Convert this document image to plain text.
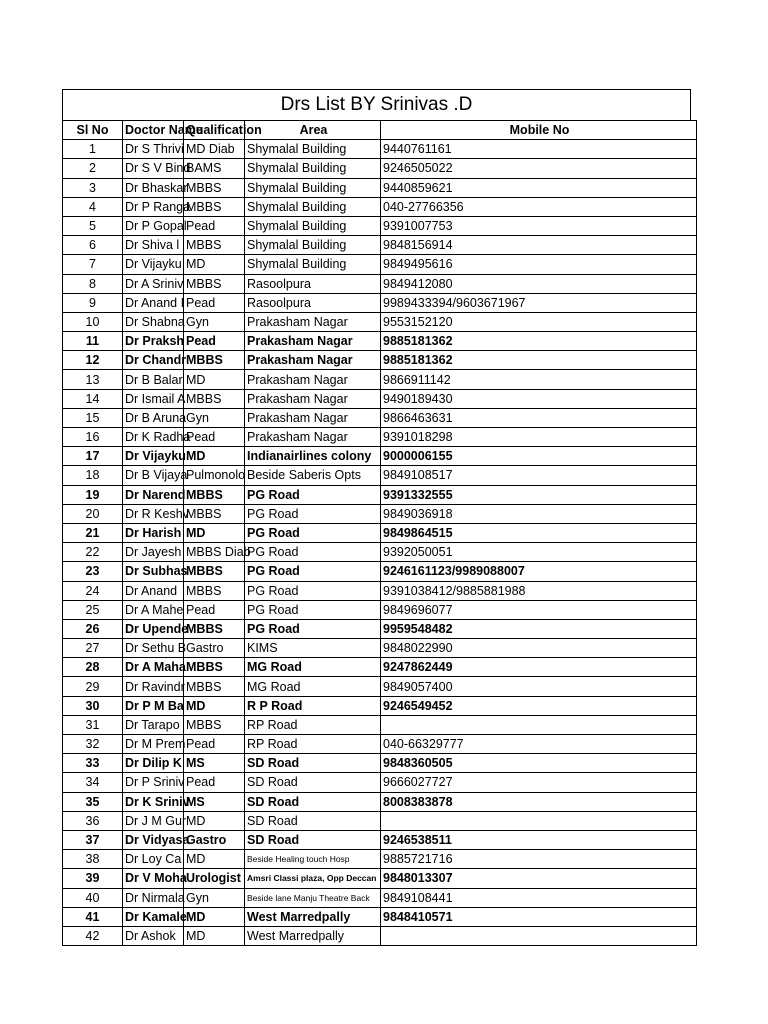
Drs List BY Srinivas .D
Sl No	Doctor Name	Qualification	Area	Mobile No
1	Dr S Thrivi	MD Diab	Shymalal Building	9440761161
2	Dr S V Bind	BAMS	Shymalal Building	9246505022
3	Dr Bhaskar	MBBS	Shymalal Building	9440859621
4	Dr P Ranga	MBBS	Shymalal Building	040-27766356
5	Dr P Gopal	Pead	Shymalal Building	9391007753
6	Dr Shiva l	MBBS	Shymalal Building	9848156914
7	Dr Vijayku	MD	Shymalal Building	9849495616
8	Dr A Sriniv	MBBS	Rasoolpura	9849412080
9	Dr Anand I	Pead	Rasoolpura	9989433394/9603671967
10	Dr Shabna	Gyn	Prakasham Nagar	9553152120
11	Dr Praksh	Pead	Prakasham Nagar	9885181362
12	Dr Chandr	MBBS	Prakasham Nagar	9885181362
13	Dr B Balar	MD	Prakasham Nagar	9866911142
14	Dr Ismail A	MBBS	Prakasham Nagar	9490189430
15	Dr B Aruna	Gyn	Prakasham Nagar	9866463631
16	Dr K Radha	Pead	Prakasham Nagar	9391018298
17	Dr Vijayku	MD	Indianairlines colony	9000006155
18	Dr B Vijaya	Pulmonolo	Beside Saberis Opts	9849108517
19	Dr Narend	MBBS	PG Road	9391332555
20	Dr R Keshv	MBBS	PG Road	9849036918
21	Dr Harish	MD	PG Road	9849864515
22	Dr Jayesh	MBBS Diab	PG Road	9392050051
23	Dr Subhas	MBBS	PG Road	9246161123/9989088007
24	Dr Anand	MBBS	PG Road	9391038412/9885881988
25	Dr A Mahe	Pead	PG Road	9849696077
26	Dr Upende	MBBS	PG Road	9959548482
27	Dr Sethu B	Gastro	KIMS	9848022990
28	Dr A Maha	MBBS	MG Road	9247862449
29	Dr Ravindr	MBBS	MG Road	9849057400
30	Dr P M Ba	MD	R P Road	9246549452
31	Dr Tarapo	MBBS	RP Road	
32	Dr M Prem	Pead	RP Road	040-66329777
33	Dr Dilip K	MS	SD Road	9848360505
34	Dr P Sriniv	Pead	SD Road	9666027727
35	Dr K Sriniv	MS	SD Road	8008383878
36	Dr J M Gur	MD	SD Road	
37	Dr Vidyasa	Gastro	SD Road	9246538511
38	Dr Loy Ca	MD	Beside Healing touch Hosp	9885721716
39	Dr V Moha	Urologist	Amsri Classi plaza, Opp Deccan	9848013307
40	Dr Nirmala	Gyn	Beside lane Manju Theatre Back	9849108441
41	Dr Kamale	MD	West Marredpally	9848410571
42	Dr Ashok	MD	West Marredpally	
